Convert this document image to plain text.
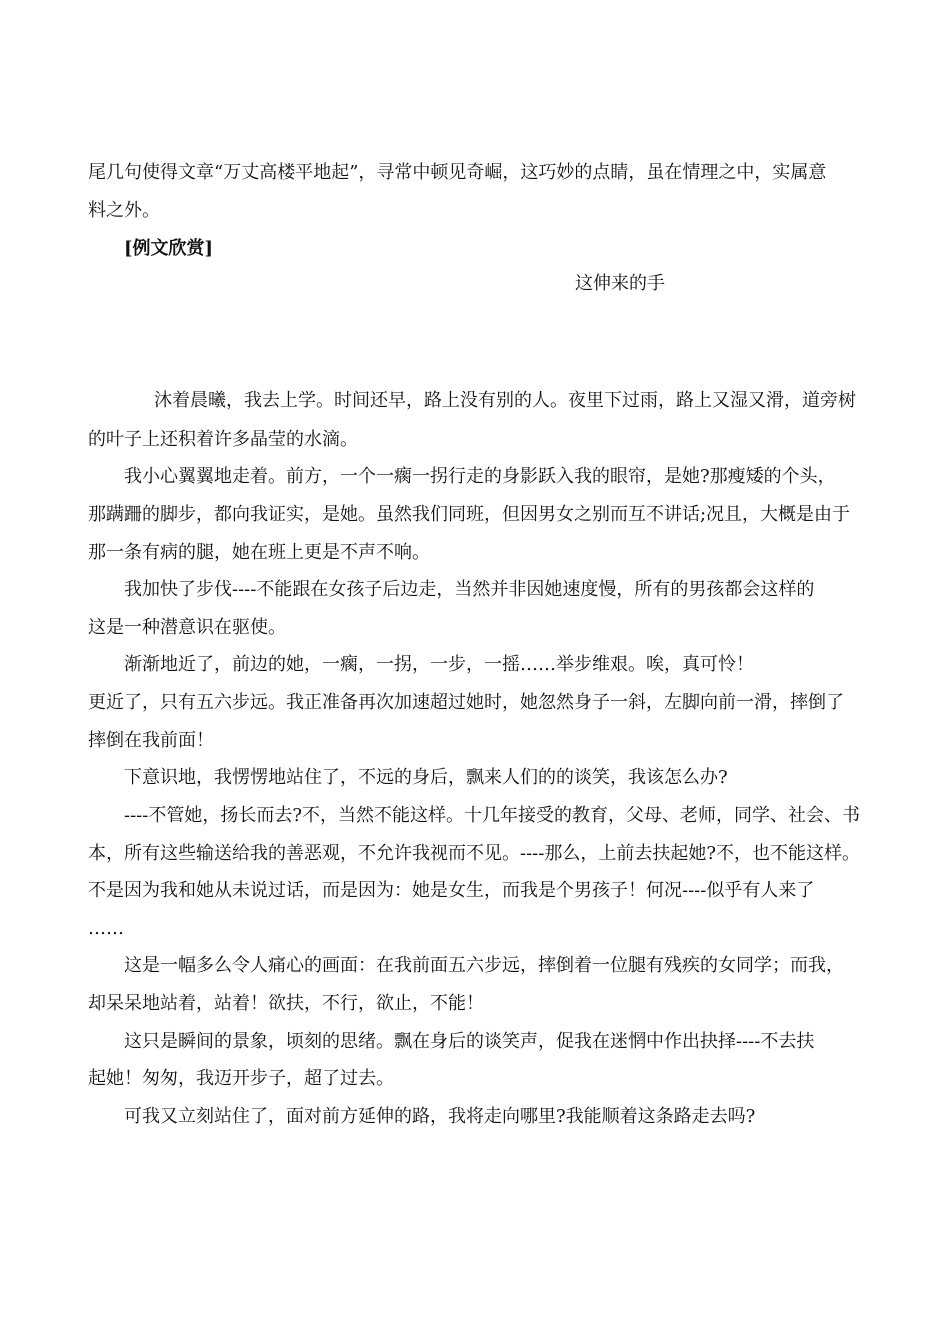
尾几句使得文章“万丈高楼平地起”，寻常中顿见奇崛，这巧妙的点睛，虽在情理之中，实属意
料之外。
[例文欣赏]
这伸来的手
沐着晨曦，我去上学。时间还早，路上没有别的人。夜里下过雨，路上又湿又滑，道旁树
的叶子上还积着许多晶莹的水滴。
我小心翼翼地走着。前方，一个一瘸一拐行走的身影跃入我的眼帘，是她?那瘦矮的个头，
那蹒跚的脚步，都向我证实，是她。虽然我们同班，但因男女之别而互不讲话;况且，大概是由于
那一条有病的腿，她在班上更是不声不响。
我加快了步伐----不能跟在女孩子后边走，当然并非因她速度慢，所有的男孩都会这样的
这是一种潜意识在驱使。
渐渐地近了，前边的她，一瘸，一拐，一步，一摇……举步维艰。唉，真可怜！
更近了，只有五六步远。我正准备再次加速超过她时，她忽然身子一斜，左脚向前一滑，摔倒了
摔倒在我前面！
下意识地，我愣愣地站住了，不远的身后，飘来人们的的谈笑，我该怎么办?
----不管她，扬长而去?不，当然不能这样。十几年接受的教育，父母、老师，同学、社会、书
本，所有这些输送给我的善恶观，不允许我视而不见。----那么，上前去扶起她?不，也不能这样。
不是因为我和她从未说过话，而是因为：她是女生，而我是个男孩子！何况----似乎有人来了
……
这是一幅多么令人痛心的画面：在我前面五六步远，摔倒着一位腿有残疾的女同学；而我，
却呆呆地站着，站着！欲扶，不行，欲止，不能！
这只是瞬间的景象，顷刻的思绪。飘在身后的谈笑声，促我在迷惘中作出抉择----不去扶
起她！匆匆，我迈开步子，超了过去。
可我又立刻站住了，面对前方延伸的路，我将走向哪里?我能顺着这条路走去吗?
